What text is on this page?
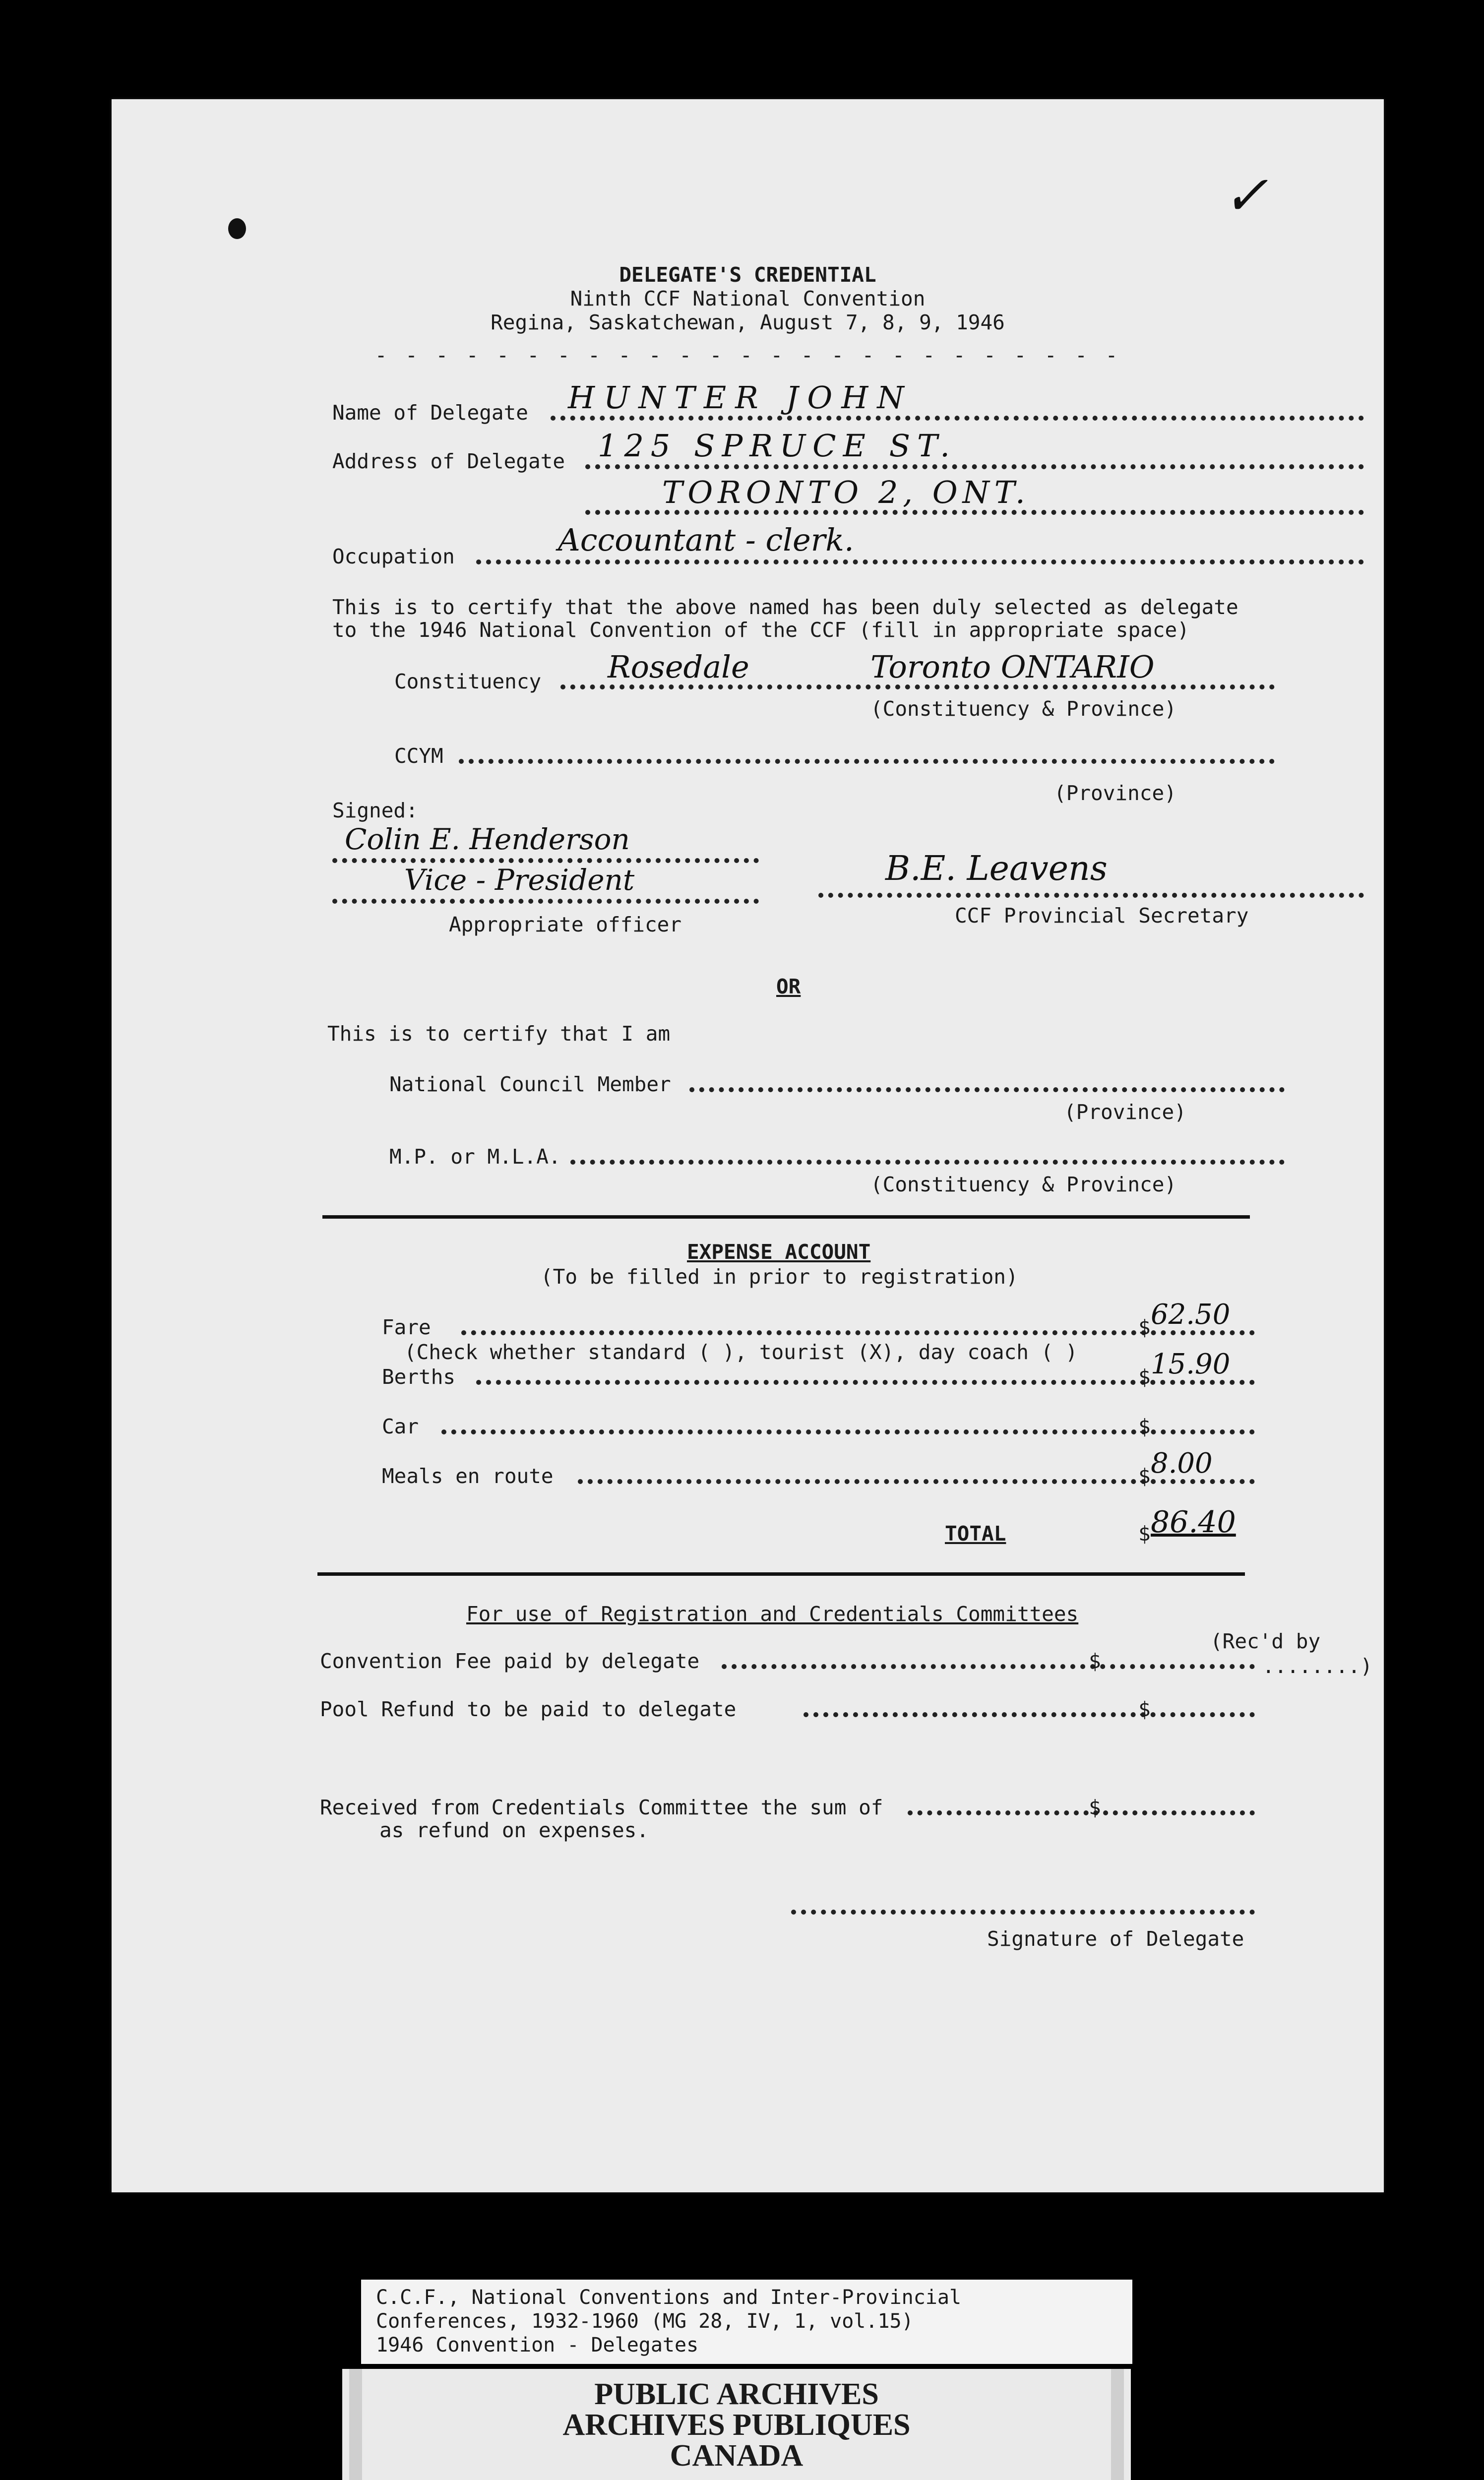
✓
DELEGATE'S CREDENTIAL
Ninth CCF National Convention
Regina, Saskatchewan, August 7, 8, 9, 1946
- - - - - - - - - - - - - - - - - - - - - - - - -
Name of Delegate HUNTER JOHN
Address of Delegate 125 SPRUCE ST.
TORONTO 2, ONT.
Occupation	Accountant - clerk.
This is to certify that the above named has been duly selected as delegate
to the 1946 National Convention of the CCF (fill in appropriate space)
Constituency Rosedale	Toronto ONTARIO
(Constituency & Province)
CCYM
(Province)
Signed:
Colin E. Henderson
Vice - President
Appropriate officer
B.E. Leavens
CCF Provincial Secretary
OR
This is to certify that I am
National Council Member
(Province)
M.P. or M.L.A.
(Constituency & Province)
EXPENSE ACCOUNT
(To be filled in prior to registration)
Fare	$ 62.50
(Check whether standard ( ), tourist (X), day coach ( )
Berths	$ 15.90
Car	$
Meals en route	$ 8.00
TOTAL	$ 86.40
For use of Registration and Credentials Committees
(Rec'd by
........)
Convention Fee paid by delegate	$
Pool Refund to be paid to delegate	$
Received from Credentials Committee the sum of	$
as refund on expenses.
Signature of Delegate
C.C.F., National Conventions and Inter-Provincial
Conferences, 1932-1960 (MG 28, IV, 1, vol.15)
1946 Convention - Delegates
PUBLIC ARCHIVES
ARCHIVES PUBLIQUES
CANADA
